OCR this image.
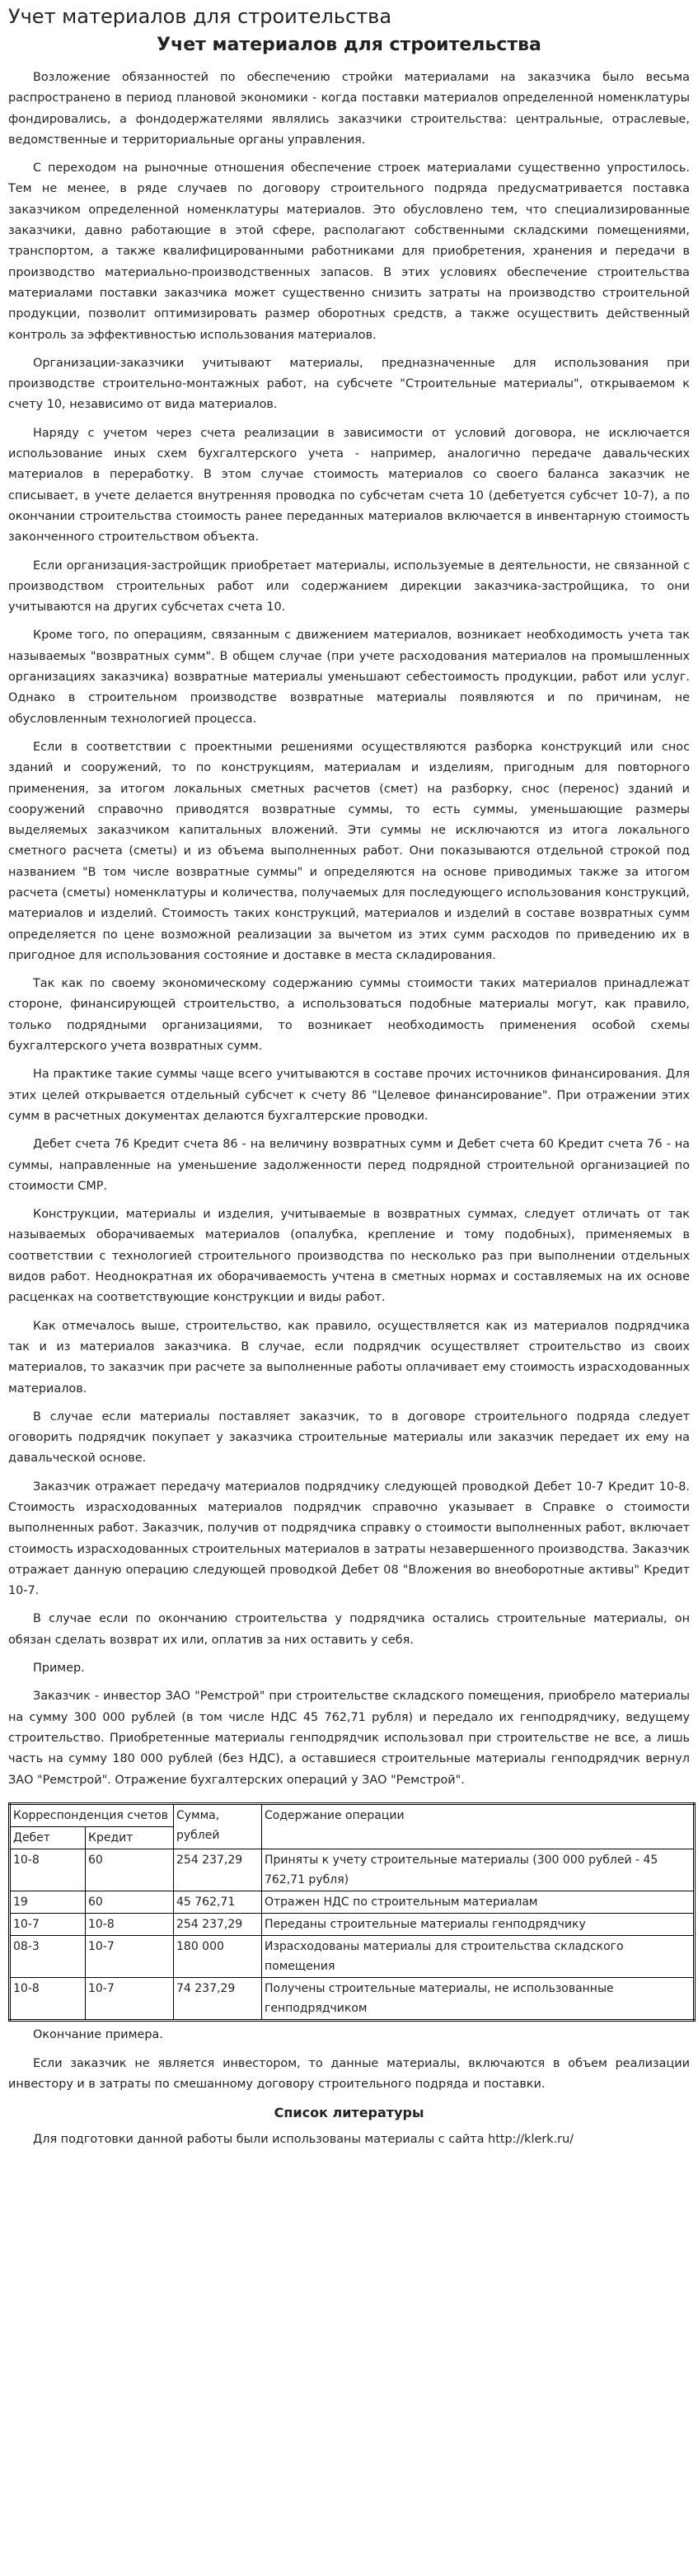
Учет материалов для строительства
Учет материалов для строительства

Возложение обязанностей по обеспечению стройки материалами на заказчика было весьма распространено в период плановой экономики - когда поставки материалов определенной номенклатуры фондировались, а фондодержателями являлись заказчики строительства: центральные, отраслевые, ведомственные и территориальные органы управления.

С переходом на рыночные отношения обеспечение строек материалами существенно упростилось. Тем не менее, в ряде случаев по договору строительного подряда предусматривается поставка заказчиком определенной номенклатуры материалов. Это обусловлено тем, что специализированные заказчики, давно работающие в этой сфере, располагают собственными складскими помещениями, транспортом, а также квалифицированными работниками для приобретения, хранения и передачи в производство материально-производственных запасов. В этих условиях обеспечение строительства материалами поставки заказчика может существенно снизить затраты на производство строительной продукции, позволит оптимизировать размер оборотных средств, а также осуществить действенный контроль за эффективностью использования материалов.

Организации-заказчики учитывают материалы, предназначенные для использования при производстве строительно-монтажных работ, на субсчете "Строительные материалы", открываемом к счету 10, независимо от вида материалов.

Наряду с учетом через счета реализации в зависимости от условий договора, не исключается использование иных схем бухгалтерского учета - например, аналогично передаче давальческих материалов в переработку. В этом случае стоимость материалов со своего баланса заказчик не списывает, в учете делается внутренняя проводка по субсчетам счета 10 (дебетуется субсчет 10-7), а по окончании строительства стоимость ранее переданных материалов включается в инвентарную стоимость законченного строительством объекта.

Если организация-застройщик приобретает материалы, используемые в деятельности, не связанной с производством строительных работ или содержанием дирекции заказчика-застройщика, то они учитываются на других субсчетах счета 10.

Кроме того, по операциям, связанным с движением материалов, возникает необходимость учета так называемых "возвратных сумм". В общем случае (при учете расходования материалов на промышленных организациях заказчика) возвратные материалы уменьшают себестоимость продукции, работ или услуг. Однако в строительном производстве возвратные материалы появляются и по причинам, не обусловленным технологией процесса.

Если в соответствии с проектными решениями осуществляются разборка конструкций или снос зданий и сооружений, то по конструкциям, материалам и изделиям, пригодным для повторного применения, за итогом локальных сметных расчетов (смет) на разборку, снос (перенос) зданий и сооружений справочно приводятся возвратные суммы, то есть суммы, уменьшающие размеры выделяемых заказчиком капитальных вложений. Эти суммы не исключаются из итога локального сметного расчета (сметы) и из объема выполненных работ. Они показываются отдельной строкой под названием "В том числе возвратные суммы" и определяются на основе приводимых также за итогом расчета (сметы) номенклатуры и количества, получаемых для последующего использования конструкций, материалов и изделий. Стоимость таких конструкций, материалов и изделий в составе возвратных сумм определяется по цене возможной реализации за вычетом из этих сумм расходов по приведению их в пригодное для использования состояние и доставке в места складирования.

Так как по своему экономическому содержанию суммы стоимости таких материалов принадлежат стороне, финансирующей строительство, а использоваться подобные материалы могут, как правило, только подрядными организациями, то возникает необходимость применения особой схемы бухгалтерского учета возвратных сумм.

На практике такие суммы чаще всего учитываются в составе прочих источников финансирования. Для этих целей открывается отдельный субсчет к счету 86 "Целевое финансирование". При отражении этих сумм в расчетных документах делаются бухгалтерские проводки.

Дебет счета 76 Кредит счета 86 - на величину возвратных сумм и Дебет счета 60 Кредит счета 76 - на суммы, направленные на уменьшение задолженности перед подрядной строительной организацией по стоимости СМР.

Конструкции, материалы и изделия, учитываемые в возвратных суммах, следует отличать от так называемых оборачиваемых материалов (опалубка, крепление и тому подобных), применяемых в соответствии с технологией строительного производства по несколько раз при выполнении отдельных видов работ. Неоднократная их оборачиваемость учтена в сметных нормах и составляемых на их основе расценках на соответствующие конструкции и виды работ.

Как отмечалось выше, строительство, как правило, осуществляется как из материалов подрядчика так и из материалов заказчика. В случае, если подрядчик осуществляет строительство из своих материалов, то заказчик при расчете за выполненные работы оплачивает ему стоимость израсходованных материалов.

В случае если материалы поставляет заказчик, то в договоре строительного подряда следует оговорить подрядчик покупает у заказчика строительные материалы или заказчик передает их ему на давальческой основе.

Заказчик отражает передачу материалов подрядчику следующей проводкой Дебет 10-7 Кредит 10-8. Стоимость израсходованных материалов подрядчик справочно указывает в Справке о стоимости выполненных работ. Заказчик, получив от подрядчика справку о стоимости выполненных работ, включает стоимость израсходованных строительных материалов в затраты незавершенного производства. Заказчик отражает данную операцию следующей проводкой Дебет 08 "Вложения во внеоборотные активы" Кредит 10-7.

В случае если по окончанию строительства у подрядчика остались строительные материалы, он обязан сделать возврат их или, оплатив за них оставить у себя.

Пример.

Заказчик - инвестор ЗАО "Ремстрой" при строительстве складского помещения, приобрело материалы на сумму 300 000 рублей (в том числе НДС 45 762,71 рубля) и передало их генподрядчику, ведущему строительство. Приобретенные материалы генподрядчик использовал при строительстве не все, а лишь часть на сумму 180 000 рублей (без НДС), а оставшиеся строительные материалы генподрядчик вернул ЗАО "Ремстрой". Отражение бухгалтерских операций у ЗАО "Ремстрой".

Корреспонденция счетов		Сумма, рублей	Содержание операции
Дебет	Кредит		
10-8	60	254 237,29	Приняты к учету строительные материалы (300 000 рублей - 45 762,71 рубля)
19	60	45 762,71	Отражен НДС по строительным материалам
10-7	10-8	254 237,29	Переданы строительные материалы генподрядчику
08-3	10-7	180 000	Израсходованы материалы для строительства складского помещения
10-8	10-7	74 237,29	Получены строительные материалы, не использованные генподрядчиком

Окончание примера.

Если заказчик не является инвестором, то данные материалы, включаются в объем реализации инвестору и в затраты по смешанному договору строительного подряда и поставки.

Список литературы

Для подготовки данной работы были использованы материалы с сайта http://klerk.ru/
